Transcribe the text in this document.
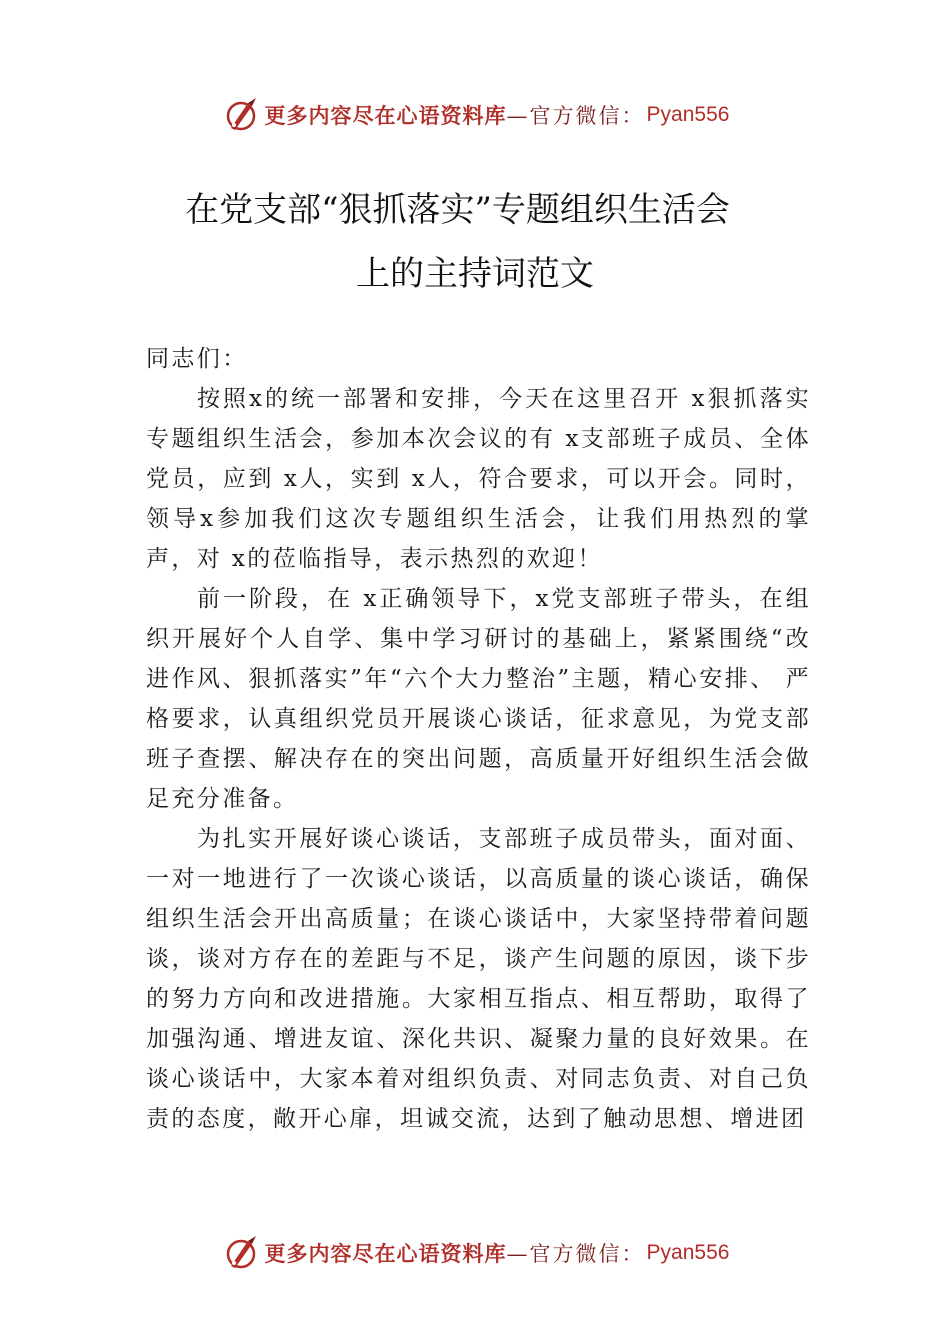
更多内容尽在心语资料库 —官方微信： Pyan556
在党支部“狠抓落实”专题组织生活会
上的主持词范文

同志们：

按照x的统一部署和安排，今天在这里召开 x狠抓落实专题组织生活会，参加本次会议的有 x支部班子成员、全体党员，应到 x人，实到 x人，符合要求，可以开会。同时，领导x参加我们这次专题组织生活会，让我们用热烈的掌声，对 x的莅临指导，表示热烈的欢迎！

前一阶段，在 x正确领导下，x党支部班子带头，在组织开展好个人自学、集中学习研讨的基础上，紧紧围绕“改进作风、狠抓落实”年“六个大力整治”主题，精心安排、 严格要求，认真组织党员开展谈心谈话，征求意见，为党支部班子查摆、解决存在的突出问题，高质量开好组织生活会做足充分准备。

为扎实开展好谈心谈话，支部班子成员带头，面对面、一对一地进行了一次谈心谈话，以高质量的谈心谈话，确保组织生活会开出高质量；在谈心谈话中，大家坚持带着问题谈，谈对方存在的差距与不足，谈产生问题的原因，谈下步的努力方向和改进措施。大家相互指点、相互帮助，取得了加强沟通、增进友谊、深化共识、凝聚力量的良好效果。在谈心谈话中，大家本着对组织负责、对同志负责、对自己负责的态度，敞开心扉，坦诚交流，达到了触动思想、增进团

更多内容尽在心语资料库 —官方微信： Pyan556
